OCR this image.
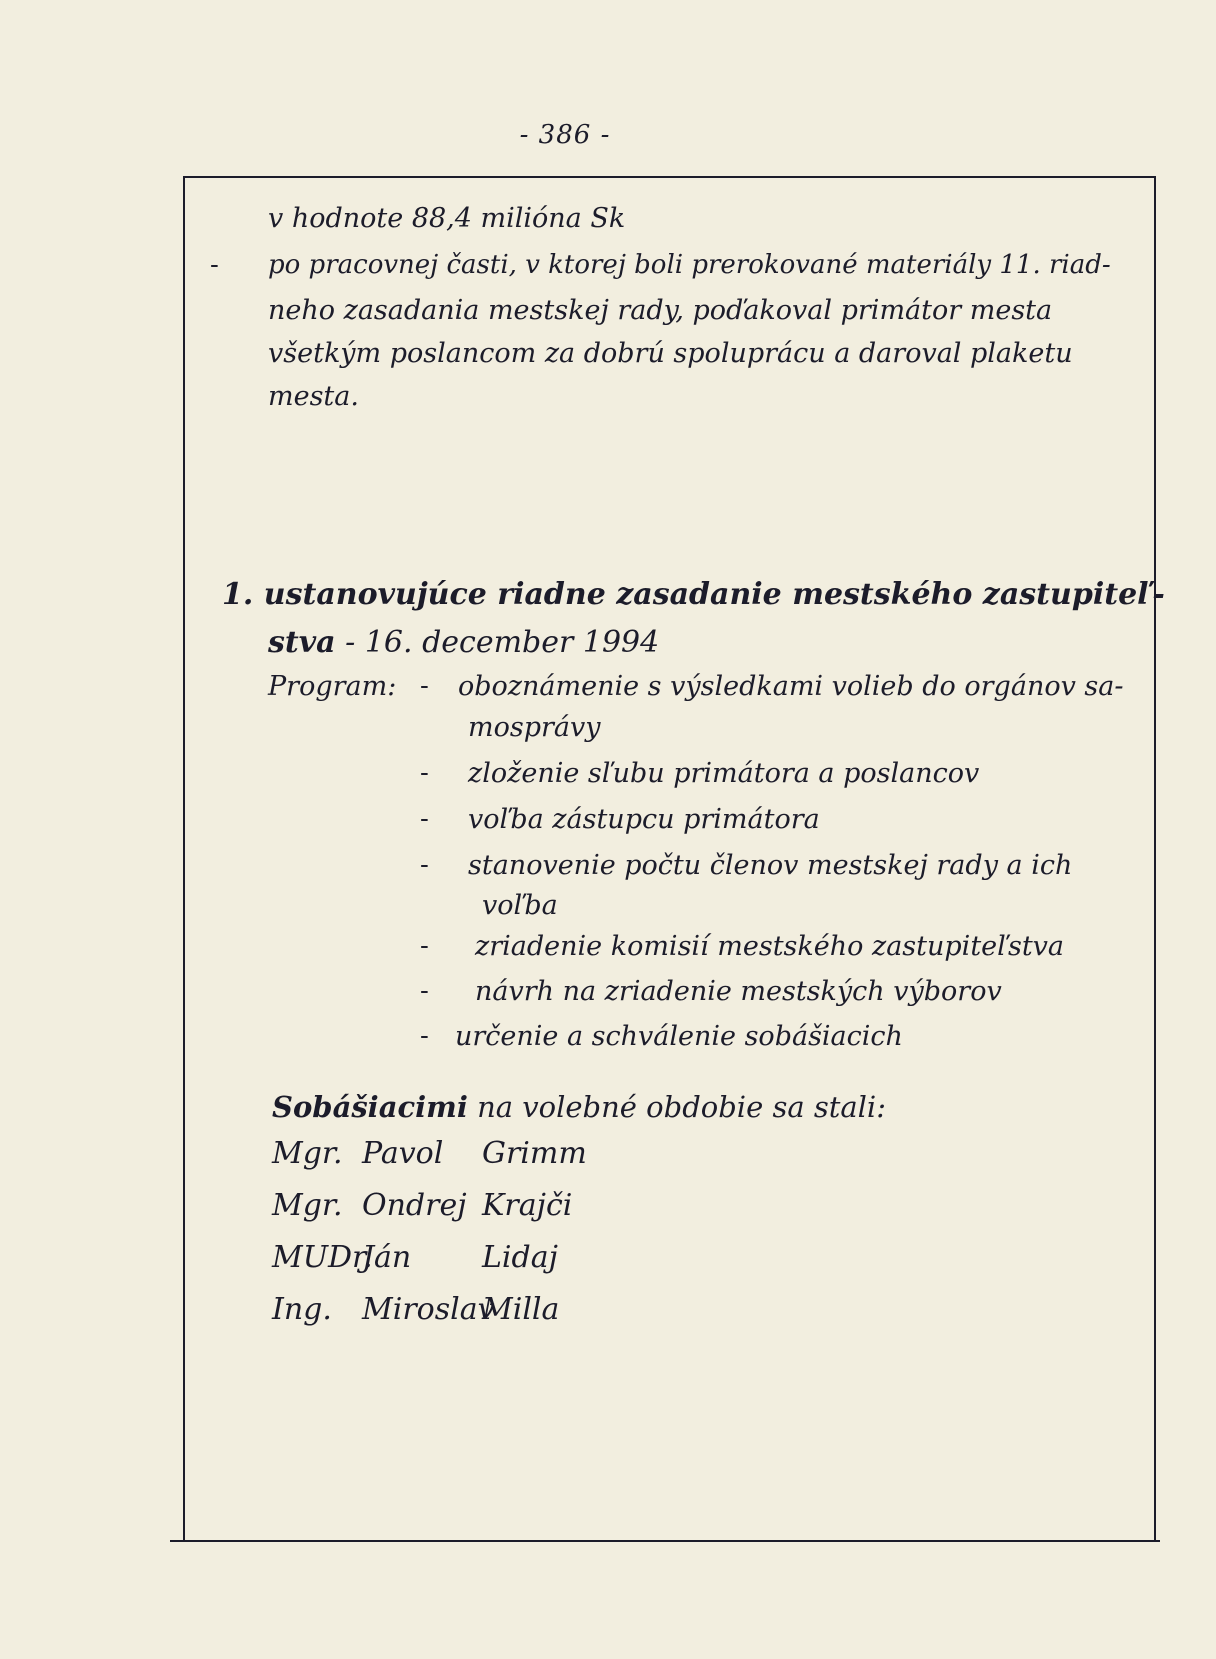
- 386 -
v hodnote 88,4 milióna Sk
- po pracovnej časti, v ktorej boli prerokované materiály 11. riad-
neho zasadania mestskej rady, poďakoval primátor mesta
všetkým poslancom za dobrú spoluprácu a daroval plaketu
mesta.
1. ustanovujúce riadne zasadanie mestského zastupiteľ-
stva - 16. december 1994
Program: - oboznámenie s výsledkami volieb do orgánov sa-
mosprávy
- zloženie sľubu primátora a poslancov
- voľba zástupcu primátora
- stanovenie počtu členov mestskej rady a ich
voľba
- zriadenie komisií mestského zastupiteľstva
- návrh na zriadenie mestských výborov
- určenie a schválenie sobášiacich
Sobášiacimi na volebné obdobie sa stali:
Mgr. Pavol Grimm
Mgr. Ondrej Krajči
MUDr.
Ján Lidaj
Ing. Miroslav
Milla
